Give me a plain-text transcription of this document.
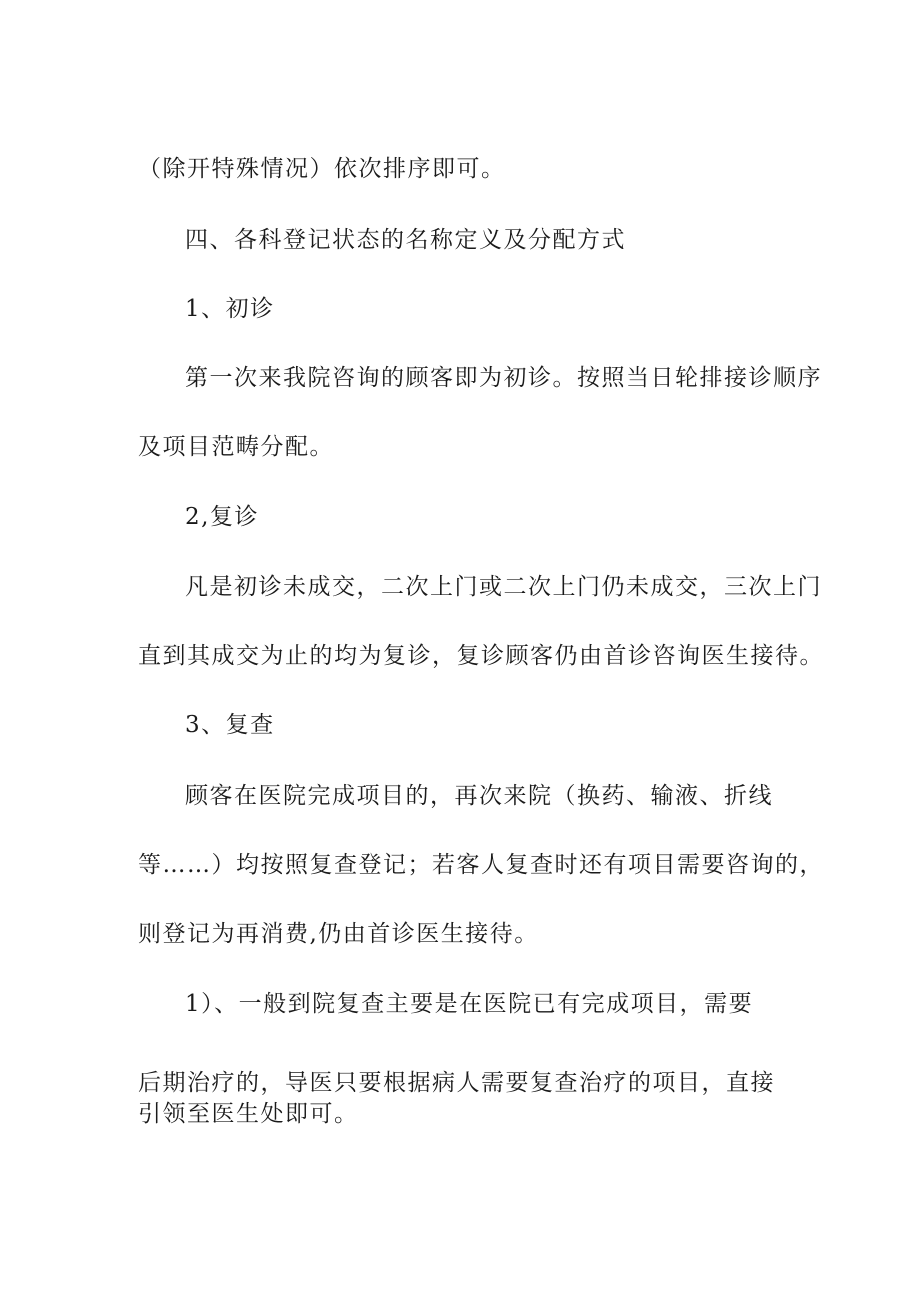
（除开特殊情况）依次排序即可。

四、各科登记状态的名称定义及分配方式

1、初诊

第一次来我院咨询的顾客即为初诊。按照当日轮排接诊顺序

及项目范畴分配。

2,复诊

凡是初诊未成交，二次上门或二次上门仍未成交，三次上门

直到其成交为止的均为复诊，复诊顾客仍由首诊咨询医生接待。

3、复查

顾客在医院完成项目的，再次来院（换药、输液、折线

等……）均按照复查登记；若客人复查时还有项目需要咨询的，

则登记为再消费,仍由首诊医生接待。

1）、一般到院复查主要是在医院已有完成项目，需要

后期治疗的，导医只要根据病人需要复查治疗的项目，直接

引领至医生处即可。
